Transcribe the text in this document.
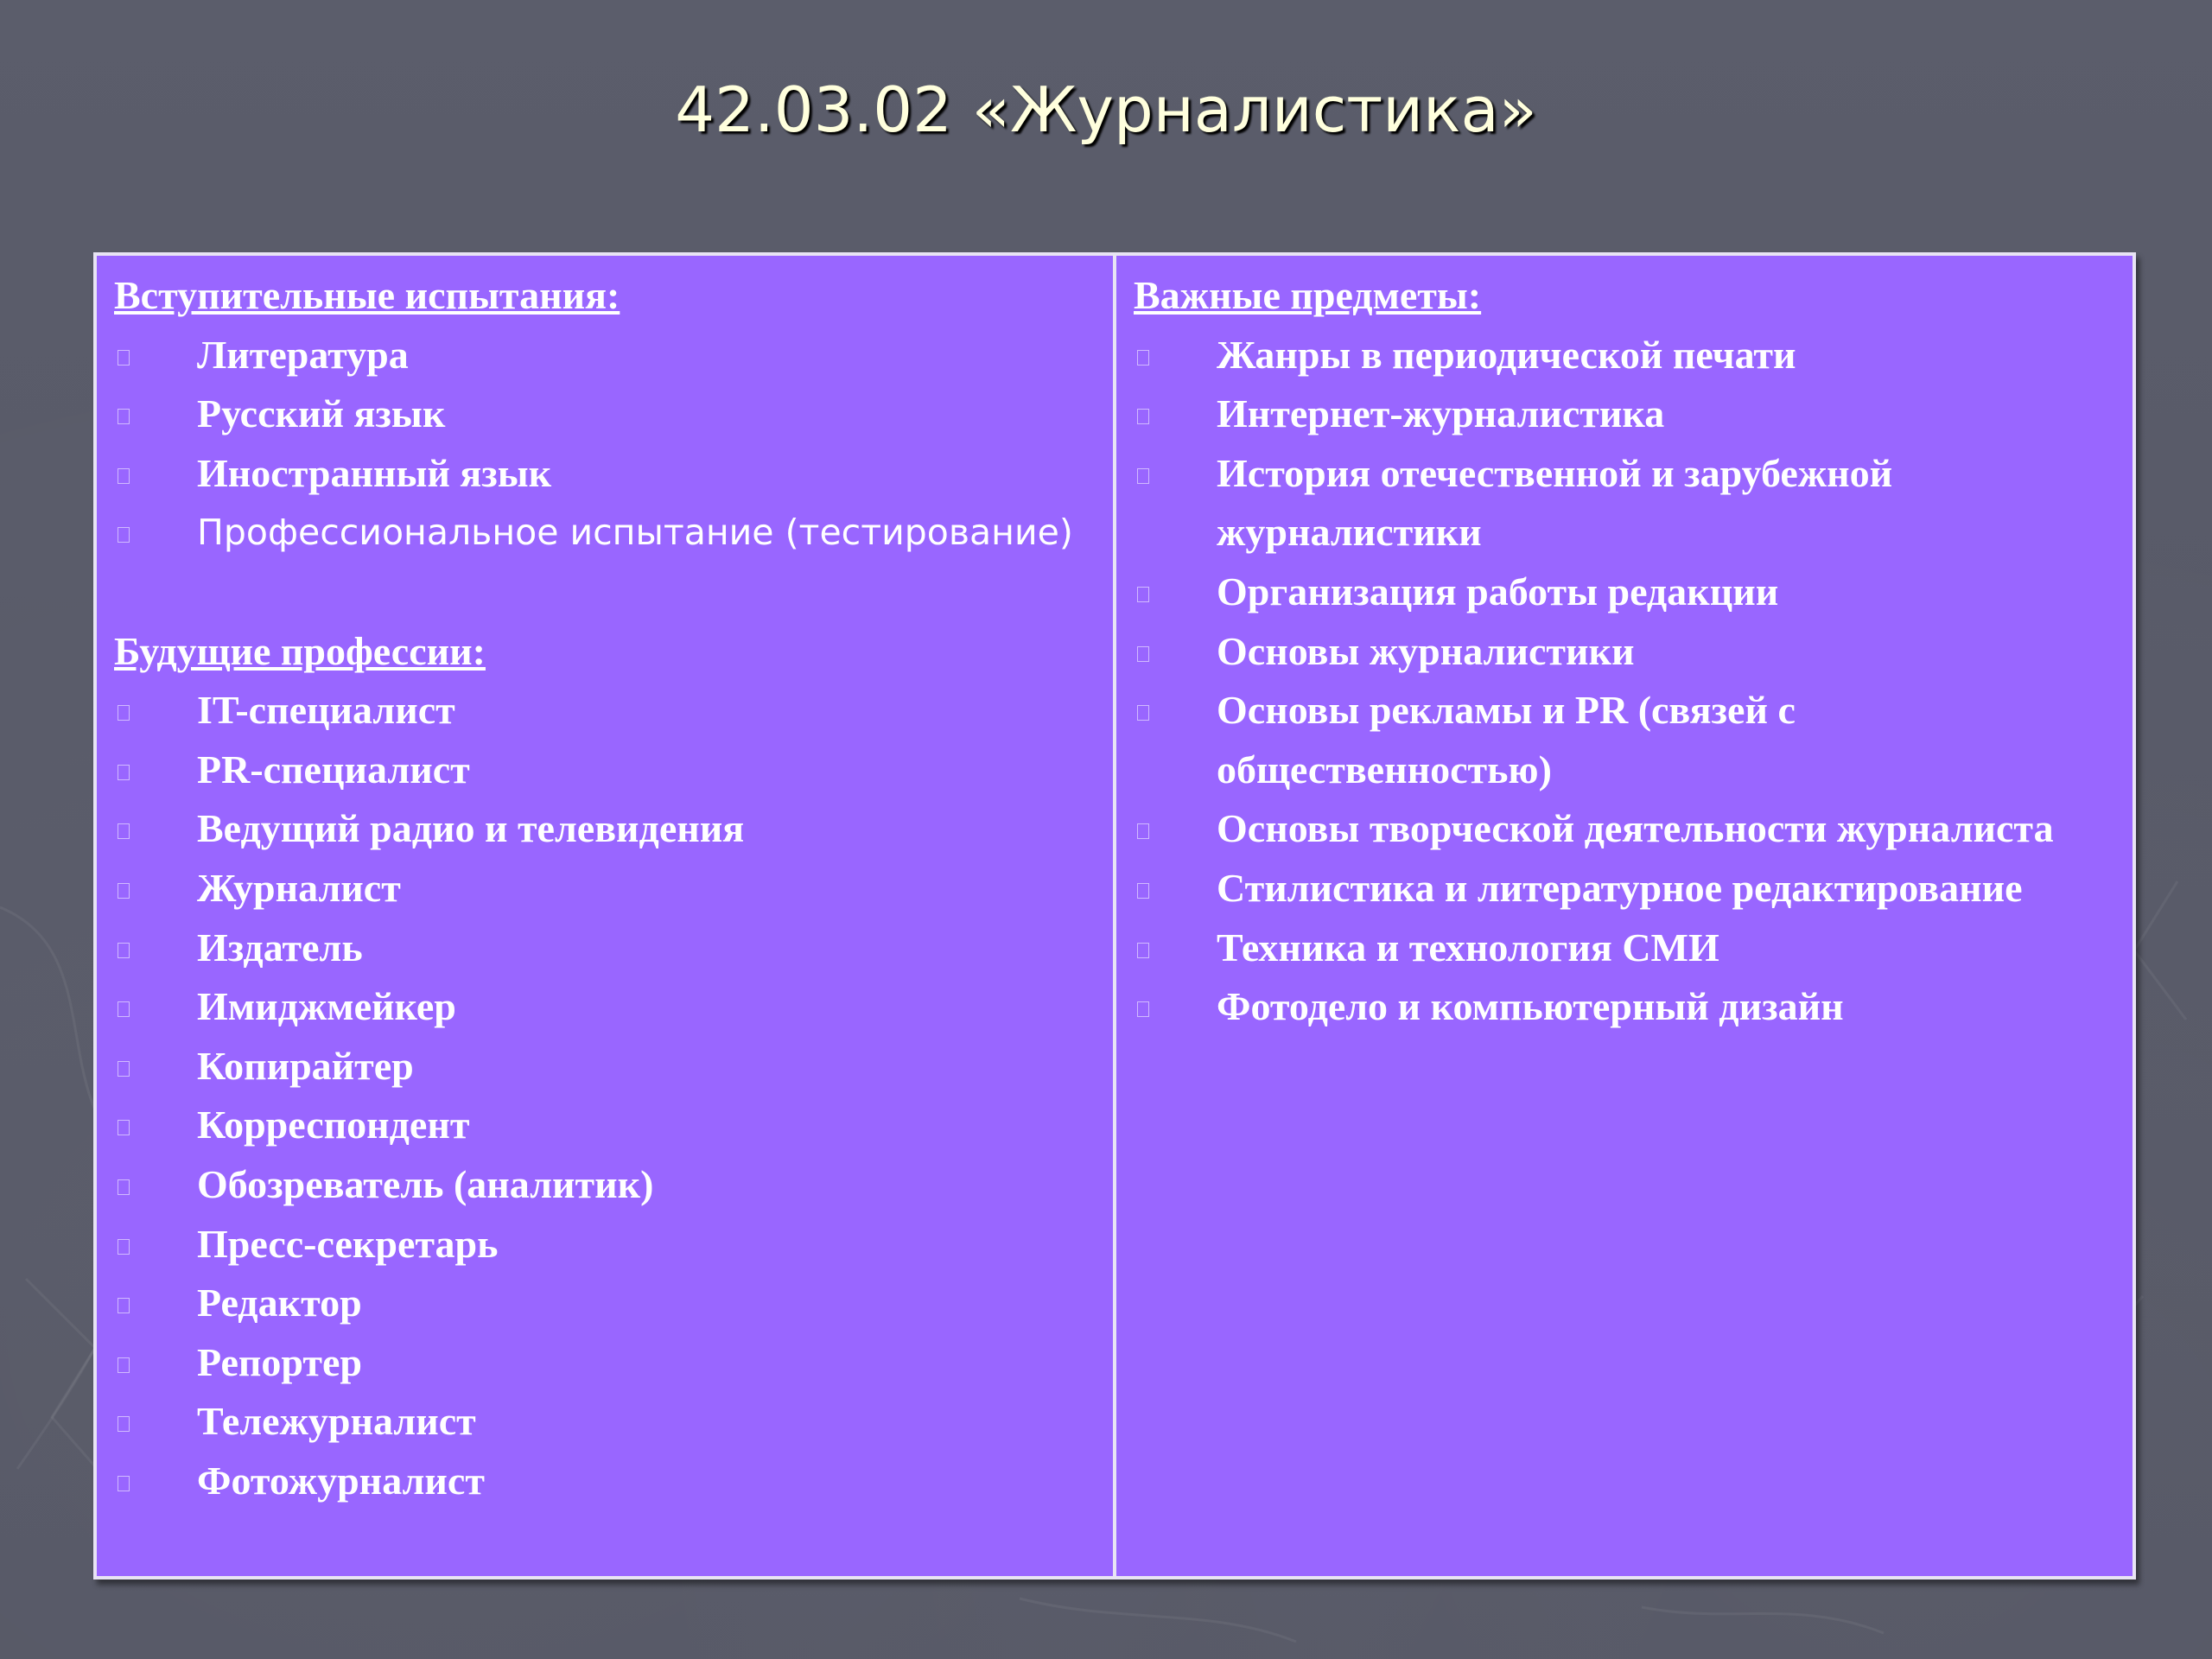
42.03.02 «Журналистика»

Вступительные испытания:

Литература
Русский язык
Иностранный язык
Профессиональное испытание (тестирование)

Будущие профессии:

IT-специалист
PR-специалист
Ведущий радио и телевидения
Журналист
Издатель
Имиджмейкер
Копирайтер
Корреспондент
Обозреватель (аналитик)
Пресс-секретарь
Редактор
Репортер
Тележурналист
Фотожурналист

Важные предметы:

Жанры в периодической печати
Интернет-журналистика
История отечественной и зарубежной журналистики
Организация работы редакции
Основы журналистики
Основы рекламы и PR (связей с общественностью)
Основы творческой деятельности журналиста
Стилистика и литературное редактирование
Техника и технология СМИ
Фотоделo и компьютерный дизайн
